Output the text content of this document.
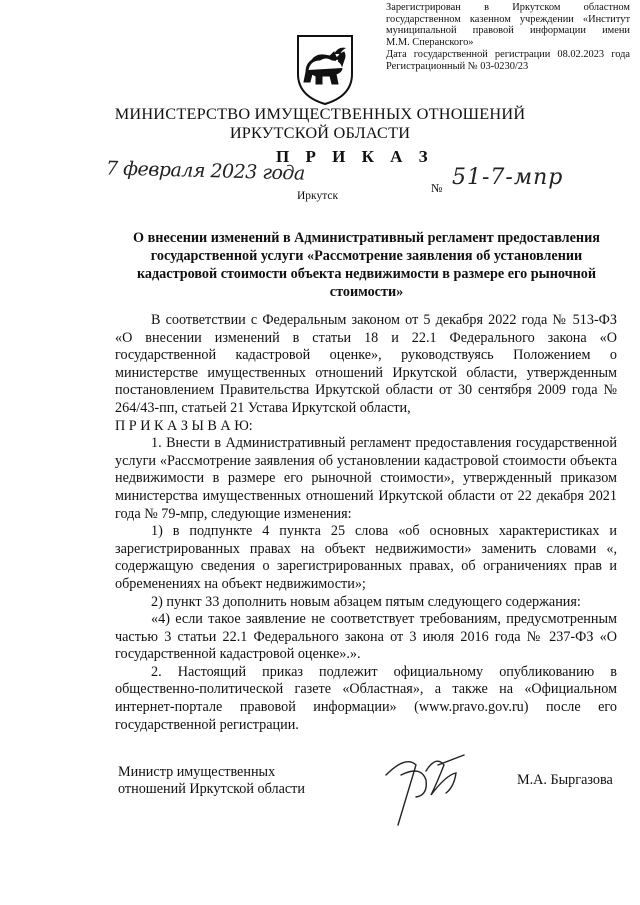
Зарегистрирован в Иркутском областном
государственном казенном учреждении «Институт
муниципальной правовой информации имени
М.М. Сперанского»
Дата государственной регистрации 08.02.2023 года
Регистрационный № 03-0230/23
МИНИСТЕРСТВО ИМУЩЕСТВЕННЫХ ОТНОШЕНИЙ
ИРКУТСКОЙ ОБЛАСТИ
П Р И К А З
7 февраля 2023 года
№ 51-7-мпр
Иркутск
О внесении изменений в Административный регламент предоставления государственной услуги «Рассмотрение заявления об установлении кадастровой стоимости объекта недвижимости в размере его рыночной стоимости»

В соответствии с Федеральным законом от 5 декабря 2022 года № 513-ФЗ «О внесении изменений в статьи 18 и 22.1 Федерального закона «О государственной кадастровой оценке», руководствуясь Положением о министерстве имущественных отношений Иркутской области, утвержденным постановлением Правительства Иркутской области от 30 сентября 2009 года № 264/43-пп, статьей 21 Устава Иркутской области,

П Р И К А З Ы В А Ю:

1. Внести в Административный регламент предоставления государственной услуги «Рассмотрение заявления об установлении кадастровой стоимости объекта недвижимости в размере его рыночной стоимости», утвержденный приказом министерства имущественных отношений Иркутской области от 22 декабря 2021 года № 79-мпр, следующие изменения:

1) в подпункте 4 пункта 25 слова «об основных характеристиках и зарегистрированных правах на объект недвижимости» заменить словами «, содержащую сведения о зарегистрированных правах, об ограничениях прав и обременениях на объект недвижимости»;

2) пункт 33 дополнить новым абзацем пятым следующего содержания:

«4) если такое заявление не соответствует требованиям, предусмотренным частью 3 статьи 22.1 Федерального закона от 3 июля 2016 года № 237-ФЗ «О государственной кадастровой оценке».».

2. Настоящий приказ подлежит официальному опубликованию в общественно-политической газете «Областная», а также на «Официальном интернет-портале правовой информации» (www.pravo.gov.ru) после его государственной регистрации.

Министр имущественных
отношений Иркутской области
М.А. Быргазова
